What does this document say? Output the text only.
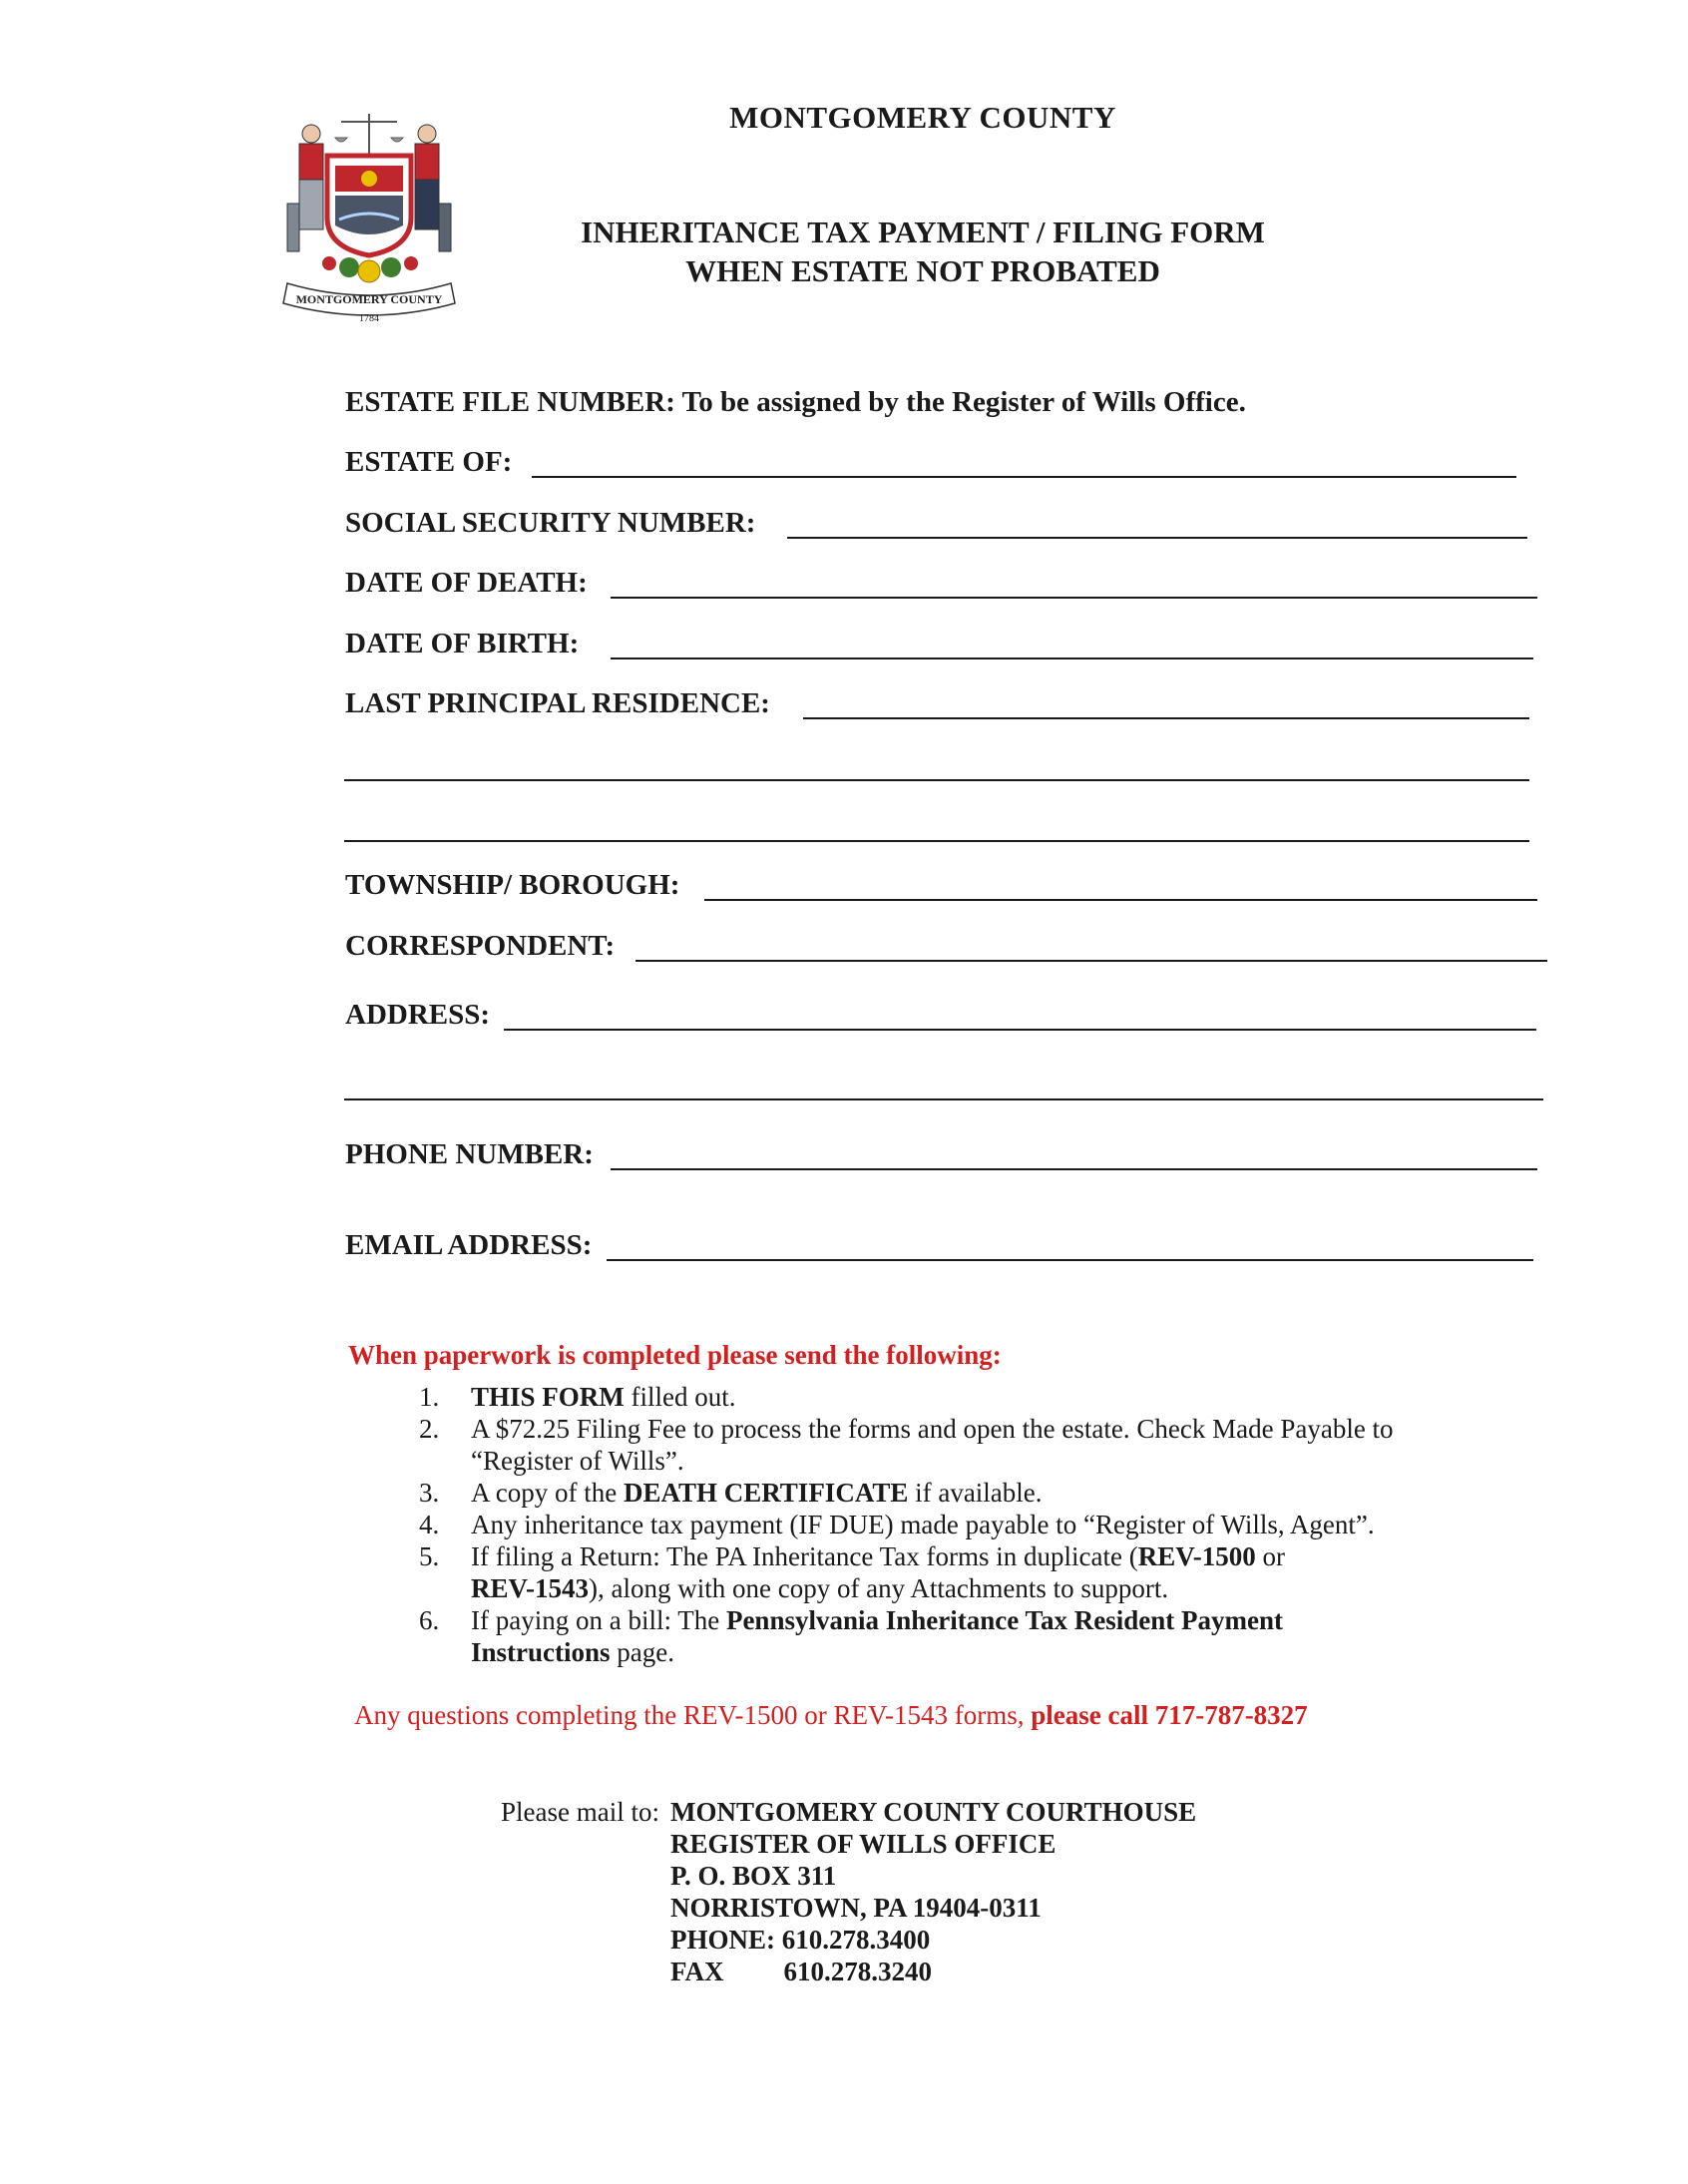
MONTGOMERY COUNTY
1784
MONTGOMERY COUNTY
INHERITANCE TAX PAYMENT / FILING FORM
WHEN ESTATE NOT PROBATED
ESTATE FILE NUMBER: To be assigned by the Register of Wills Office.
ESTATE OF:
SOCIAL SECURITY NUMBER:
DATE OF DEATH:
DATE OF BIRTH:
LAST PRINCIPAL RESIDENCE:
TOWNSHIP/ BOROUGH:
CORRESPONDENT:
ADDRESS:
PHONE NUMBER:
EMAIL ADDRESS:
When paperwork is completed please send the following:
1. THIS FORM filled out.
2. A $72.25 Filing Fee to process the forms and open the estate. Check Made Payable to
“Register of Wills”.
3. A copy of the DEATH CERTIFICATE if available.
4. Any inheritance tax payment (IF DUE) made payable to “Register of Wills, Agent”.
5. If filing a Return: The PA Inheritance Tax forms in duplicate (REV-1500 or
REV-1543), along with one copy of any Attachments to support.
6. If paying on a bill: The Pennsylvania Inheritance Tax Resident Payment
Instructions page.
Any questions completing the REV-1500 or REV-1543 forms, please call 717-787-8327
Please mail to: MONTGOMERY COUNTY COURTHOUSE
REGISTER OF WILLS OFFICE
P. O. BOX 311
NORRISTOWN, PA 19404-0311
PHONE: 610.278.3400
FAX 610.278.3240
